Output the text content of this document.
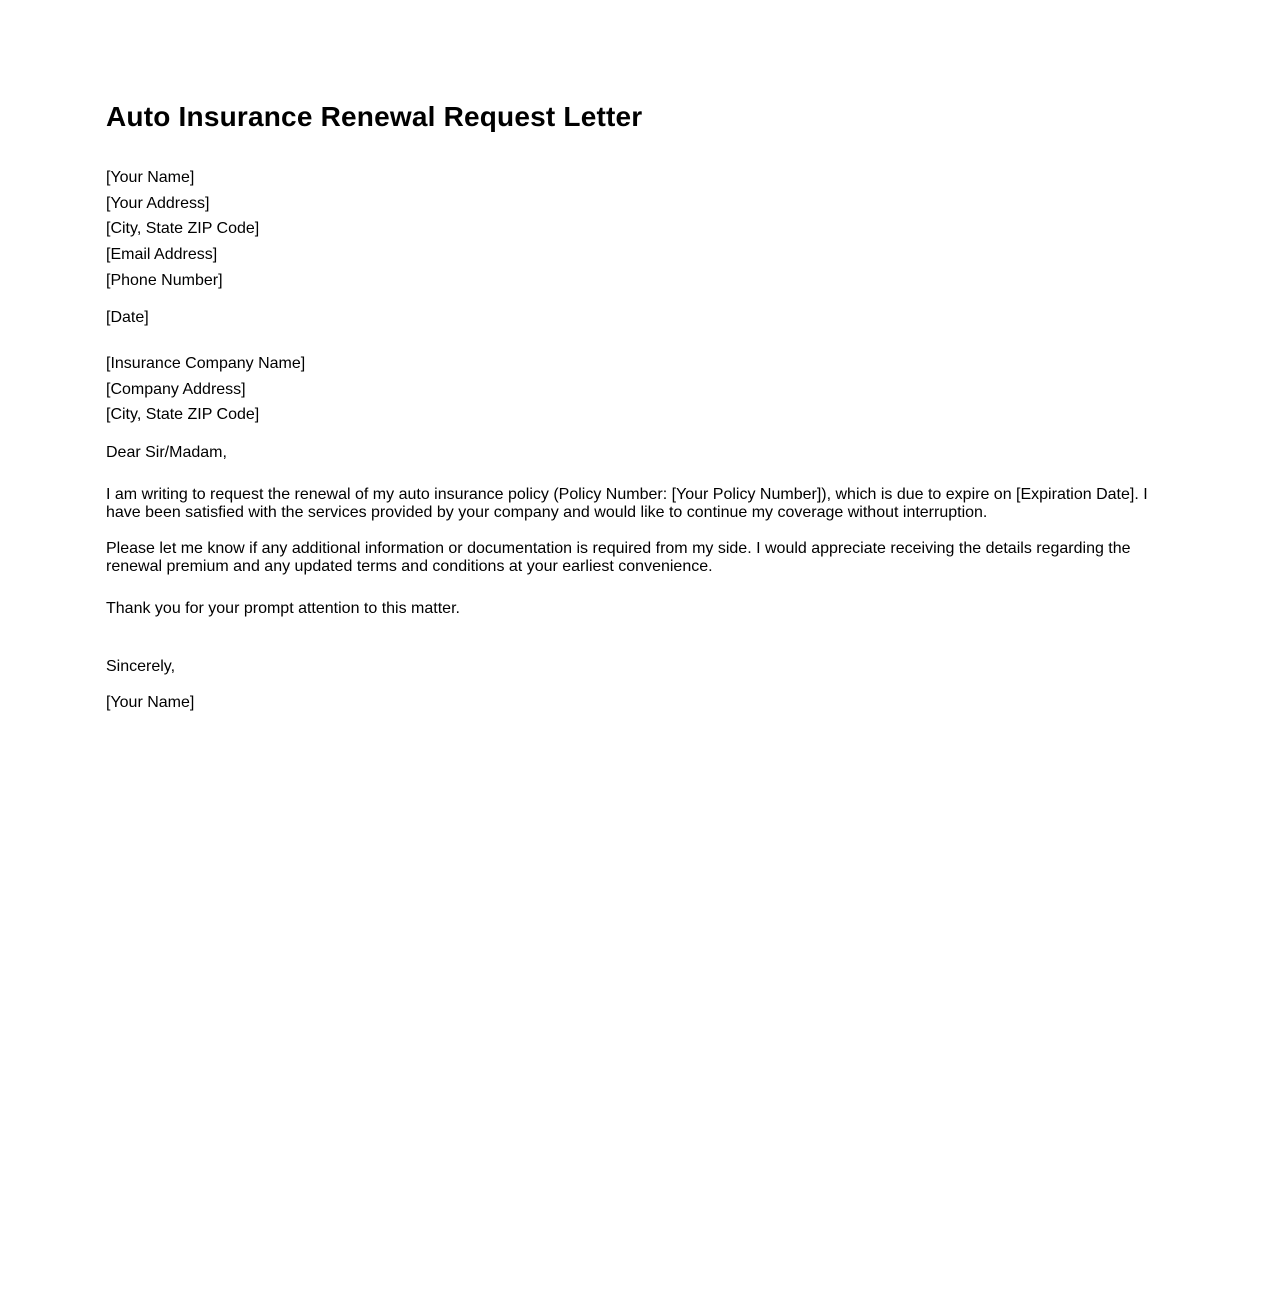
Auto Insurance Renewal Request Letter
[Your Name]
[Your Address]
[City, State ZIP Code]
[Email Address]
[Phone Number]
[Date]
[Insurance Company Name]
[Company Address]
[City, State ZIP Code]
Dear Sir/Madam,
I am writing to request the renewal of my auto insurance policy (Policy Number: [Your Policy Number]), which is due to expire on [Expiration Date]. I have been satisfied with the services provided by your company and would like to continue my coverage without interruption.
Please let me know if any additional information or documentation is required from my side. I would appreciate receiving the details regarding the renewal premium and any updated terms and conditions at your earliest convenience.
Thank you for your prompt attention to this matter.
Sincerely,
[Your Name]
